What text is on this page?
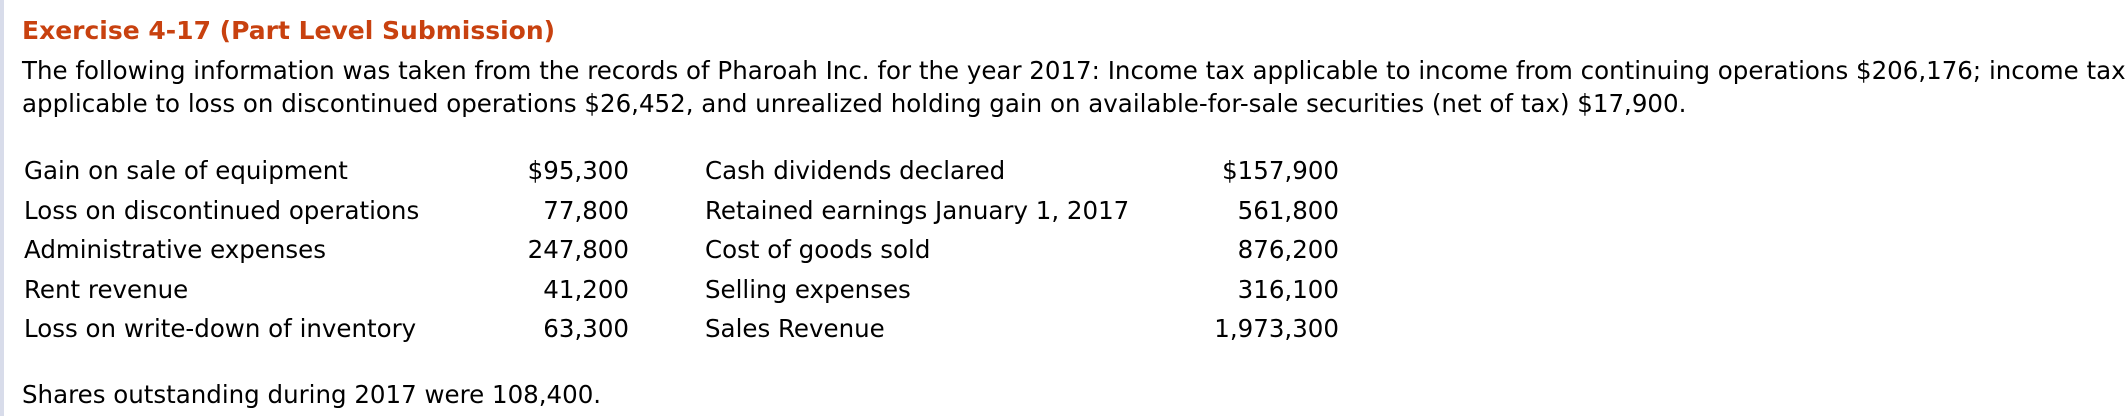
Exercise 4-17 (Part Level Submission)
The following information was taken from the records of Pharoah Inc. for the year 2017: Income tax applicable to income from continuing operations $206,176; income tax
applicable to loss on discontinued operations $26,452, and unrealized holding gain on available-for-sale securities (net of tax) $17,900.
Gain on sale of equipment	$95,300		Cash dividends declared	$157,900
Loss on discontinued operations	77,800		Retained earnings January 1, 2017	561,800
Administrative expenses	247,800		Cost of goods sold	876,200
Rent revenue	41,200		Selling expenses	316,100
Loss on write-down of inventory	63,300		Sales Revenue	1,973,300
Shares outstanding during 2017 were 108,400.
